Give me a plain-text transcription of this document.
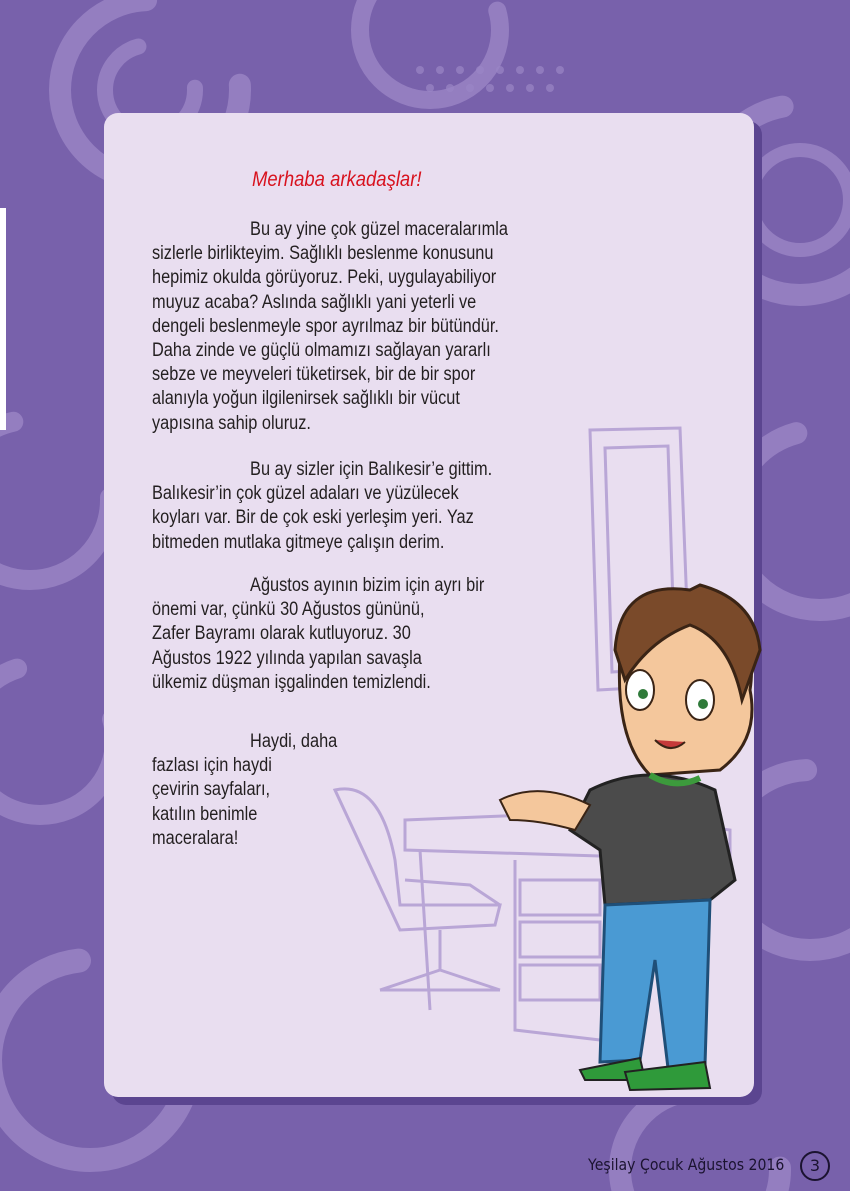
Merhaba arkadaşlar!
Bu ay yine çok güzel maceralarımla
sizlerle birlikteyim. Sağlıklı beslenme konusunu
hepimiz okulda görüyoruz. Peki, uygulayabiliyor
muyuz acaba? Aslında sağlıklı yani yeterli ve
dengeli beslenmeyle spor ayrılmaz bir bütündür.
Daha zinde ve güçlü olmamızı sağlayan yararlı
sebze ve meyveleri tüketirsek, bir de bir spor
alanıyla yoğun ilgilenirsek sağlıklı bir vücut
yapısına sahip oluruz.
Bu ay sizler için Balıkesir’e gittim.
Balıkesir’in çok güzel adaları ve yüzülecek
koyları var. Bir de çok eski yerleşim yeri. Yaz
bitmeden mutlaka gitmeye çalışın derim.
Ağustos ayının bizim için ayrı bir
önemi var, çünkü 30 Ağustos gününü,
Zafer Bayramı olarak kutluyoruz. 30
Ağustos 1922 yılında yapılan savaşla
ülkemiz düşman işgalinden temizlendi.
Haydi, daha
fazlası için haydi
çevirin sayfaları,
katılın benimle
maceralara!
Yeşilay Çocuk Ağustos 2016	3
